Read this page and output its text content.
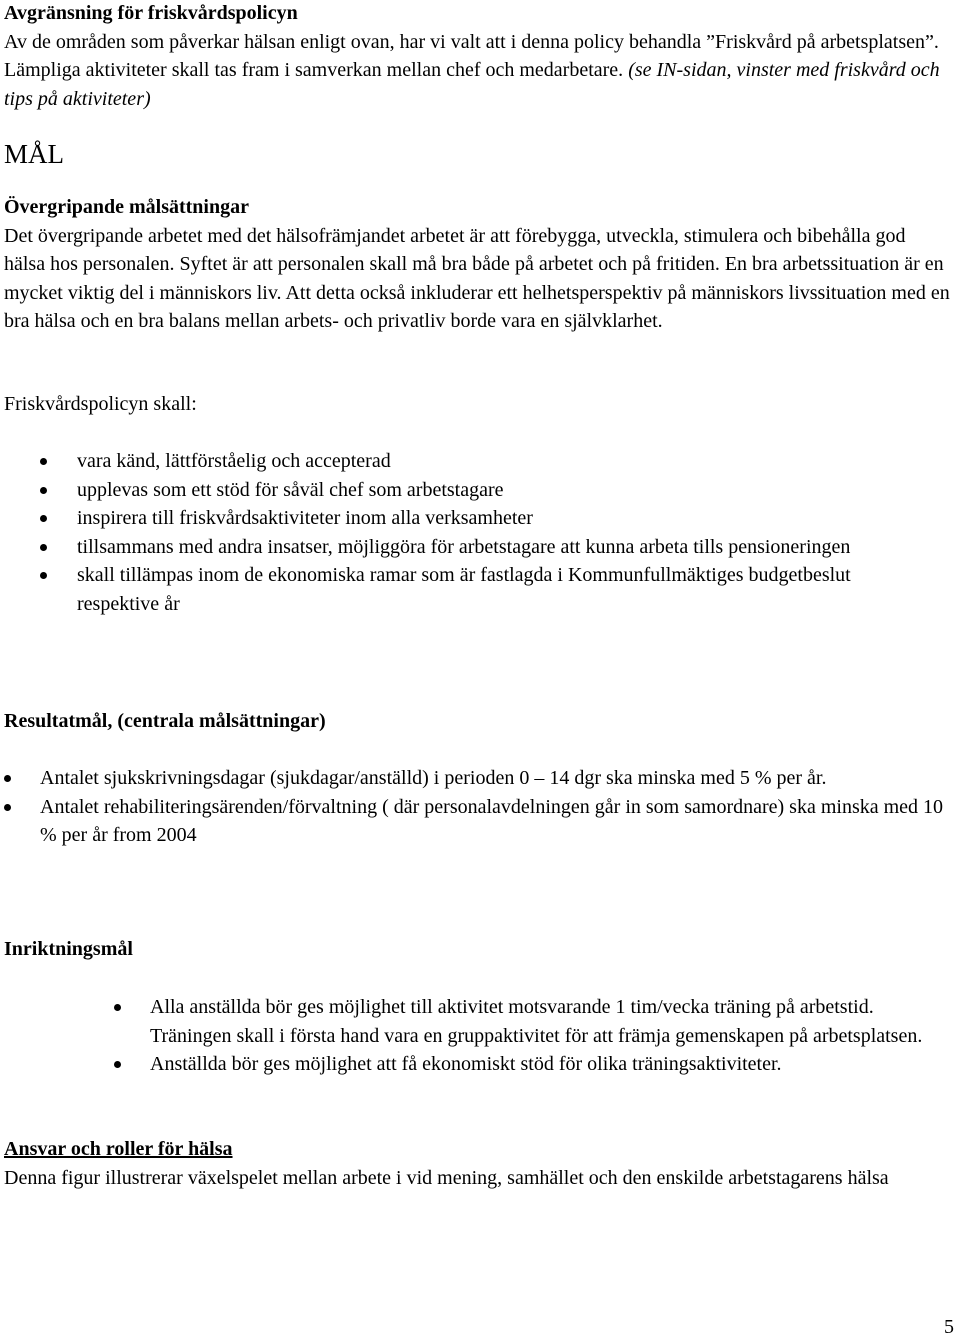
Avgränsning för friskvårdspolicyn
Av de områden som påverkar hälsan enligt ovan, har vi valt att i denna policy behandla ”Friskvård på arbetsplatsen”. Lämpliga aktiviteter skall tas fram i samverkan mellan chef och medarbetare. (se IN-sidan, vinster med friskvård och tips på aktiviteter)
MÅL
Övergripande målsättningar
Det övergripande arbetet med det hälsofrämjandet arbetet är att förebygga, utveckla, stimulera och bibehålla god hälsa hos personalen. Syftet är att personalen skall må bra både på arbetet och på fritiden. En bra arbetssituation är en mycket viktig del i människors liv. Att detta också inkluderar ett helhetsperspektiv på människors livssituation med en bra hälsa och en bra balans mellan arbets- och privatliv borde vara en självklarhet.
Friskvårdspolicyn skall:
vara känd, lättförståelig och accepterad
upplevas som ett stöd för såväl chef som arbetstagare
inspirera till friskvårdsaktiviteter inom alla verksamheter
tillsammans med andra insatser, möjliggöra för arbetstagare att kunna arbeta tills pensioneringen
skall tillämpas inom de ekonomiska ramar som är fastlagda i Kommunfullmäktiges budgetbeslut respektive år
Resultatmål, (centrala målsättningar)
Antalet sjukskrivningsdagar (sjukdagar/anställd) i perioden 0 – 14 dgr ska minska med 5 % per år.
Antalet rehabiliteringsärenden/förvaltning ( där personalavdelningen går in som samordnare) ska minska med 10 % per år from 2004
Inriktningsmål
Alla anställda bör ges möjlighet till aktivitet motsvarande 1 tim/vecka träning på arbetstid. Träningen skall i första hand vara en gruppaktivitet för att främja gemenskapen på arbetsplatsen.
Anställda bör ges möjlighet att få ekonomiskt stöd för olika träningsaktiviteter.
Ansvar och roller för hälsa
Denna figur illustrerar växelspelet mellan arbete i vid mening, samhället och den enskilde arbetstagarens hälsa
5
